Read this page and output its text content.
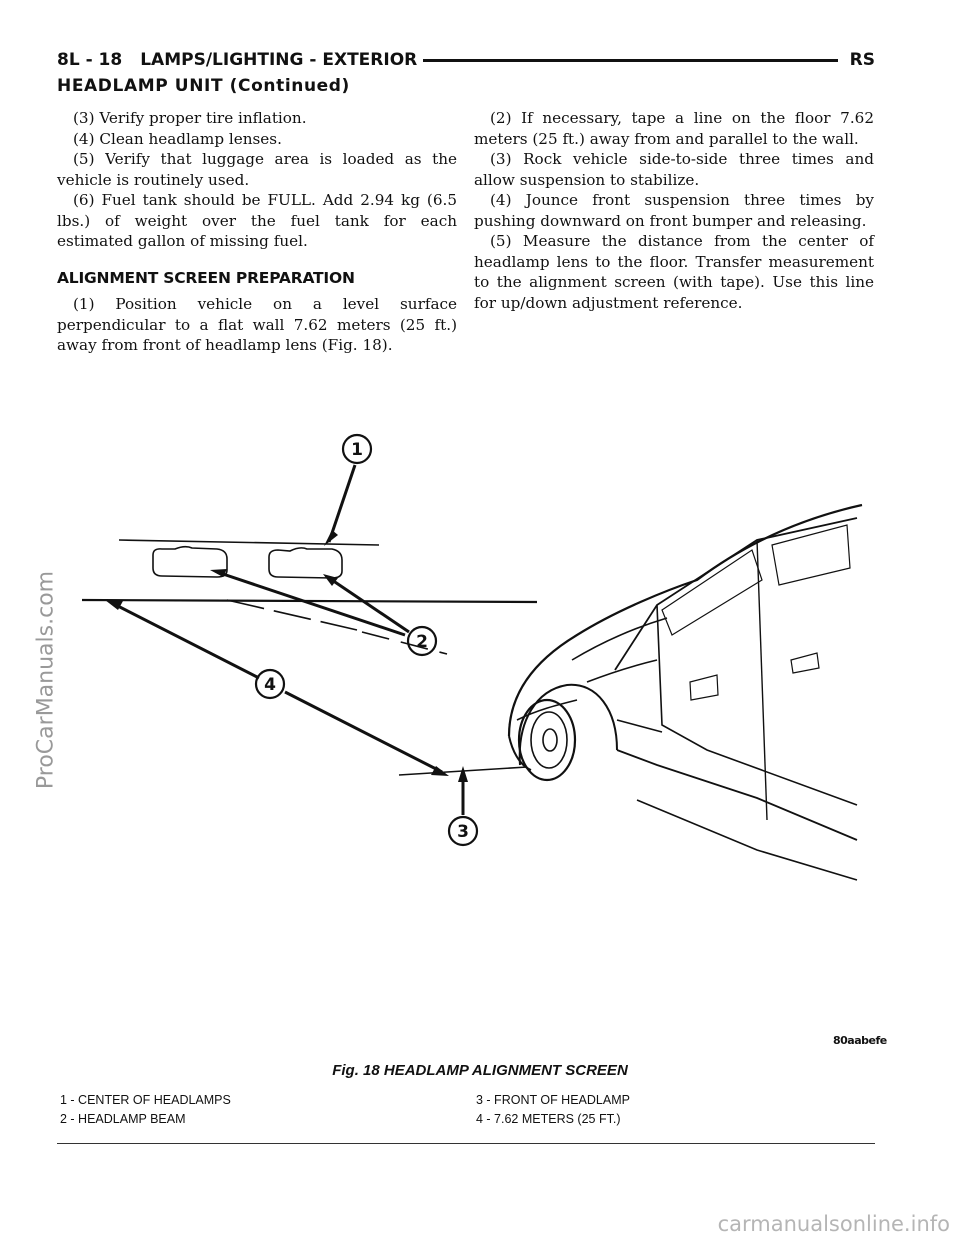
8L - 18	LAMPS/LIGHTING - EXTERIOR	RS
HEADLAMP UNIT (Continued)

(3) Verify proper tire inflation.

(4) Clean headlamp lenses.

(5) Verify that luggage area is loaded as the vehicle is routinely used.

(6) Fuel tank should be FULL. Add 2.94 kg (6.5 lbs.) of weight over the fuel tank for each estimated gallon of missing fuel.

ALIGNMENT SCREEN PREPARATION

(1) Position vehicle on a level surface perpendicular to a flat wall 7.62 meters (25 ft.) away from front of headlamp lens (Fig. 18).

(2) If necessary, tape a line on the floor 7.62 meters (25 ft.) away from and parallel to the wall.

(3) Rock vehicle side-to-side three times and allow suspension to stabilize.

(4) Jounce front suspension three times by pushing downward on front bumper and releasing.

(5) Measure the distance from the center of headlamp lens to the floor. Transfer measurement to the alignment screen (with tape). Use this line for up/down adjustment reference.

1
2
3
4
80aabefe
Fig. 18 HEADLAMP ALIGNMENT SCREEN
1 - CENTER OF HEADLAMPS
2 - HEADLAMP BEAM
3 - FRONT OF HEADLAMP
4 - 7.62 METERS (25 FT.)
ProCarManuals.com
carmanualsonline.info
